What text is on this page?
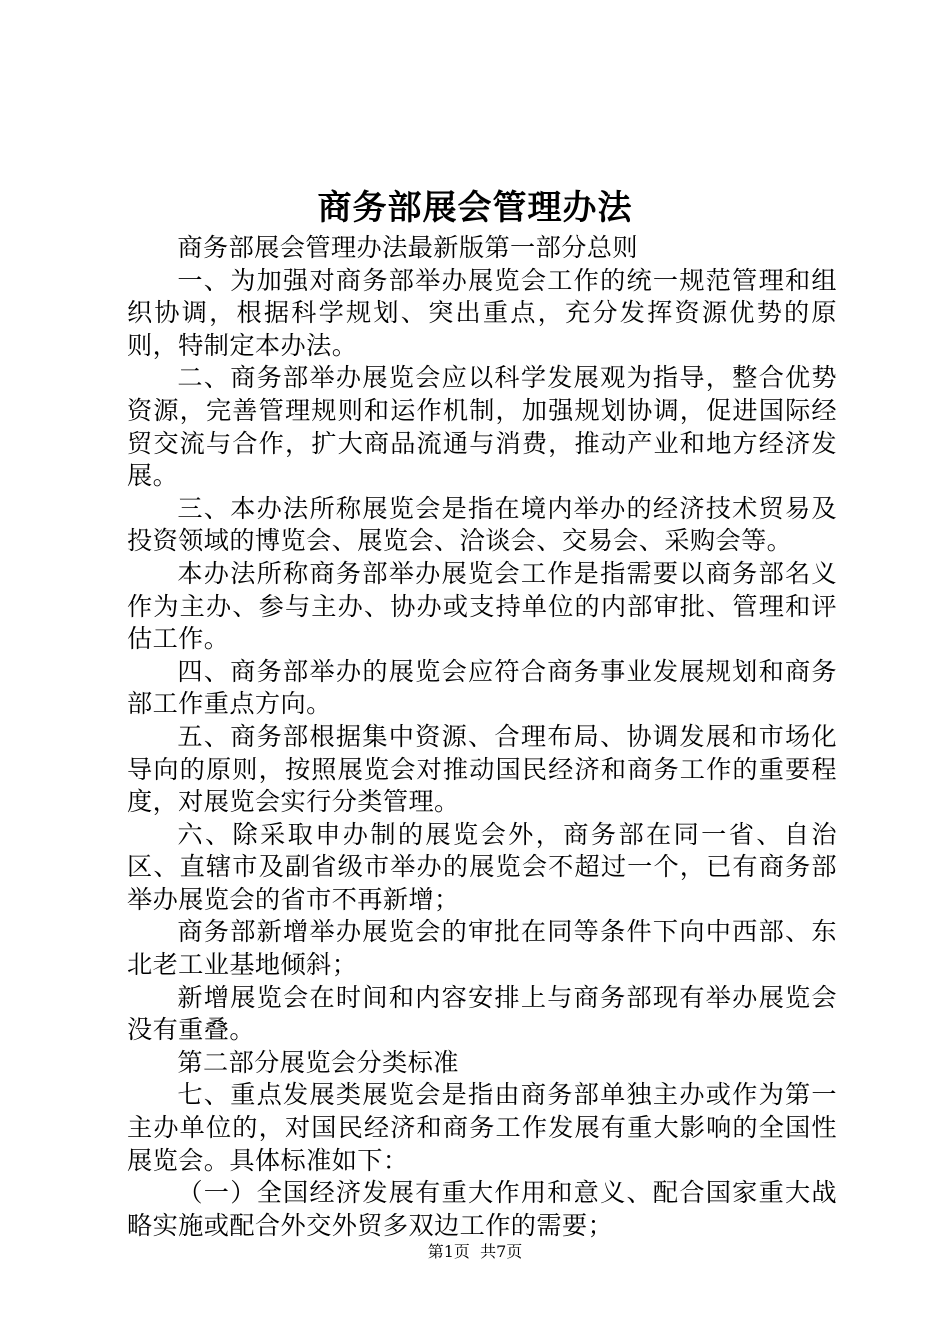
商务部展会管理办法

商务部展会管理办法最新版第一部分总则

一、为加强对商务部举办展览会工作的统一规范管理和组织协调，根据科学规划、突出重点，充分发挥资源优势的原则，特制定本办法。

二、商务部举办展览会应以科学发展观为指导，整合优势资源，完善管理规则和运作机制，加强规划协调，促进国际经贸交流与合作，扩大商品流通与消费，推动产业和地方经济发展。

三、本办法所称展览会是指在境内举办的经济技术贸易及投资领域的博览会、展览会、洽谈会、交易会、采购会等。

本办法所称商务部举办展览会工作是指需要以商务部名义作为主办、参与主办、协办或支持单位的内部审批、管理和评估工作。

四、商务部举办的展览会应符合商务事业发展规划和商务部工作重点方向。

五、商务部根据集中资源、合理布局、协调发展和市场化导向的原则，按照展览会对推动国民经济和商务工作的重要程度，对展览会实行分类管理。

六、除采取申办制的展览会外，商务部在同一省、自治区、直辖市及副省级市举办的展览会不超过一个，已有商务部举办展览会的省市不再新增；

商务部新增举办展览会的审批在同等条件下向中西部、东北老工业基地倾斜；

新增展览会在时间和内容安排上与商务部现有举办展览会没有重叠。

第二部分展览会分类标准

七、重点发展类展览会是指由商务部单独主办或作为第一主办单位的，对国民经济和商务工作发展有重大影响的全国性展览会。具体标准如下：

（一）全国经济发展有重大作用和意义、配合国家重大战略实施或配合外交外贸多双边工作的需要；

第1页 共7页
